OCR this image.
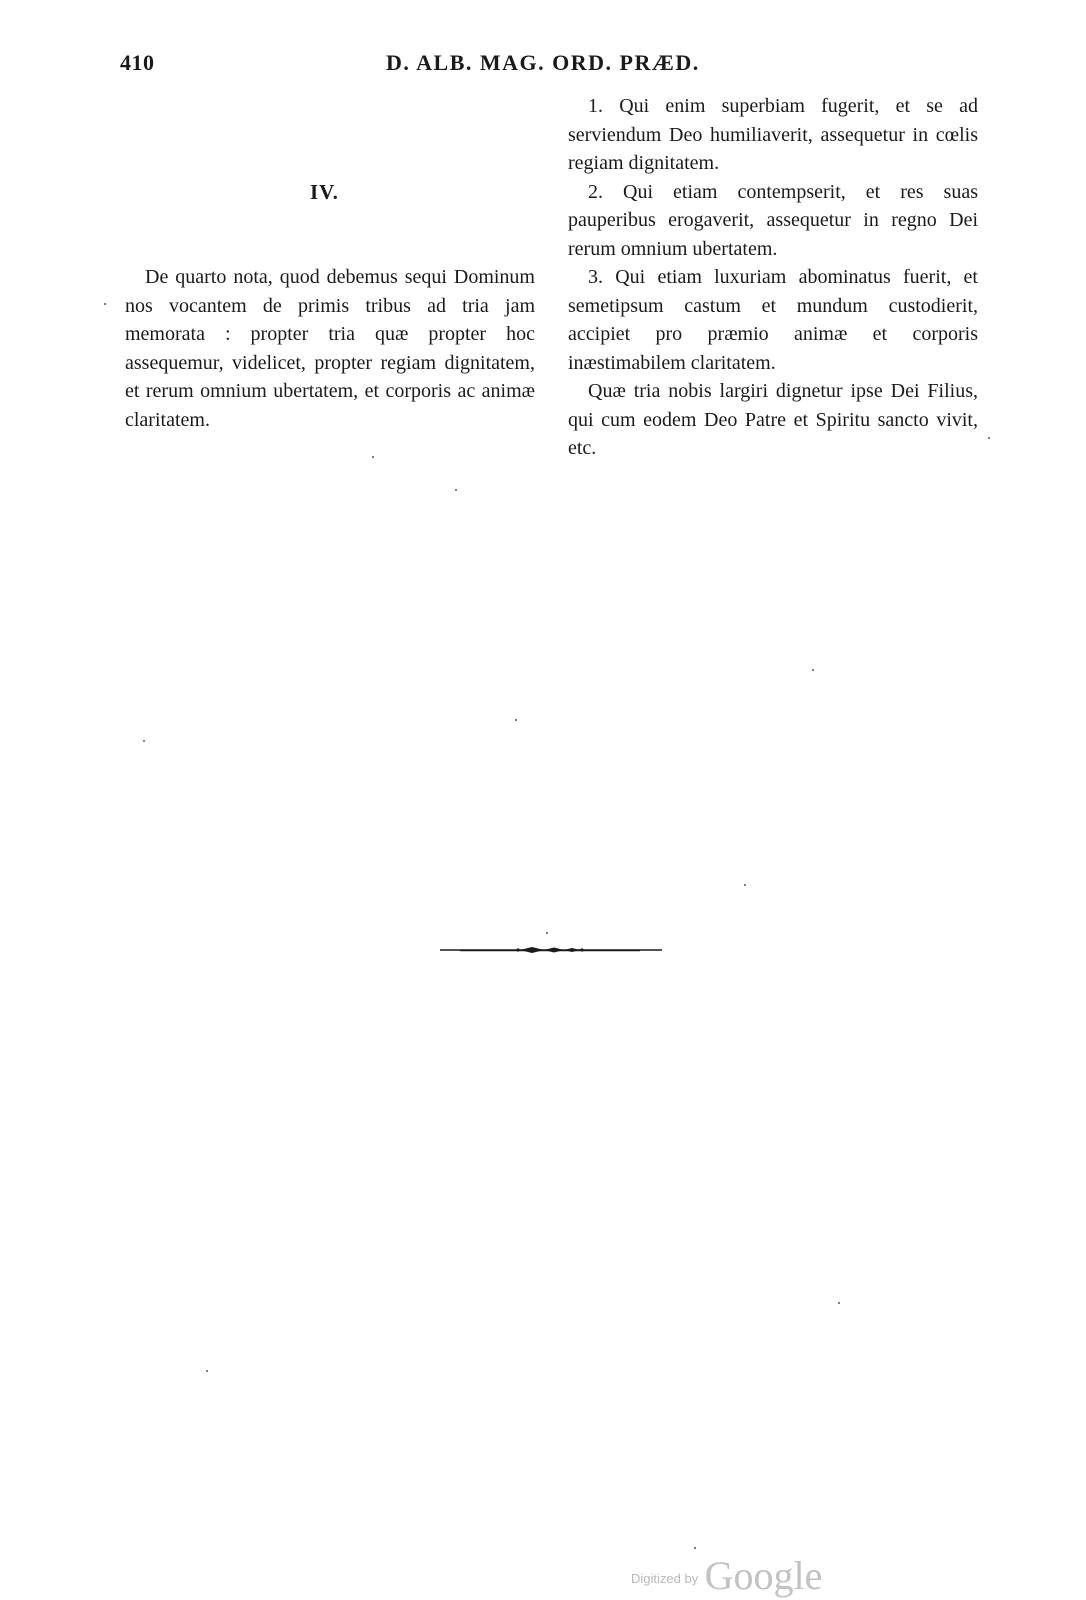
410	D. ALB. MAG. ORD. PRÆD.
IV.

De quarto nota, quod debemus sequi Dominum nos vocantem de primis tribus ad tria jam memorata : propter tria quæ propter hoc assequemur, videlicet, propter regiam dignitatem, et rerum omnium ubertatem, et corporis ac animæ claritatem.

1. Qui enim superbiam fugerit, et se ad serviendum Deo humiliaverit, assequetur in cœlis regiam dignitatem.

2. Qui etiam contempserit, et res suas pauperibus erogaverit, assequetur in regno Dei rerum omnium ubertatem.

3. Qui etiam luxuriam abominatus fuerit, et semetipsum castum et mundum custodierit, accipiet pro præmio animæ et corporis inæstimabilem claritatem.

Quæ tria nobis largiri dignetur ipse Dei Filius, qui cum eodem Deo Patre et Spiritu sancto vivit, etc.

$^{Digitized by}$ Google
